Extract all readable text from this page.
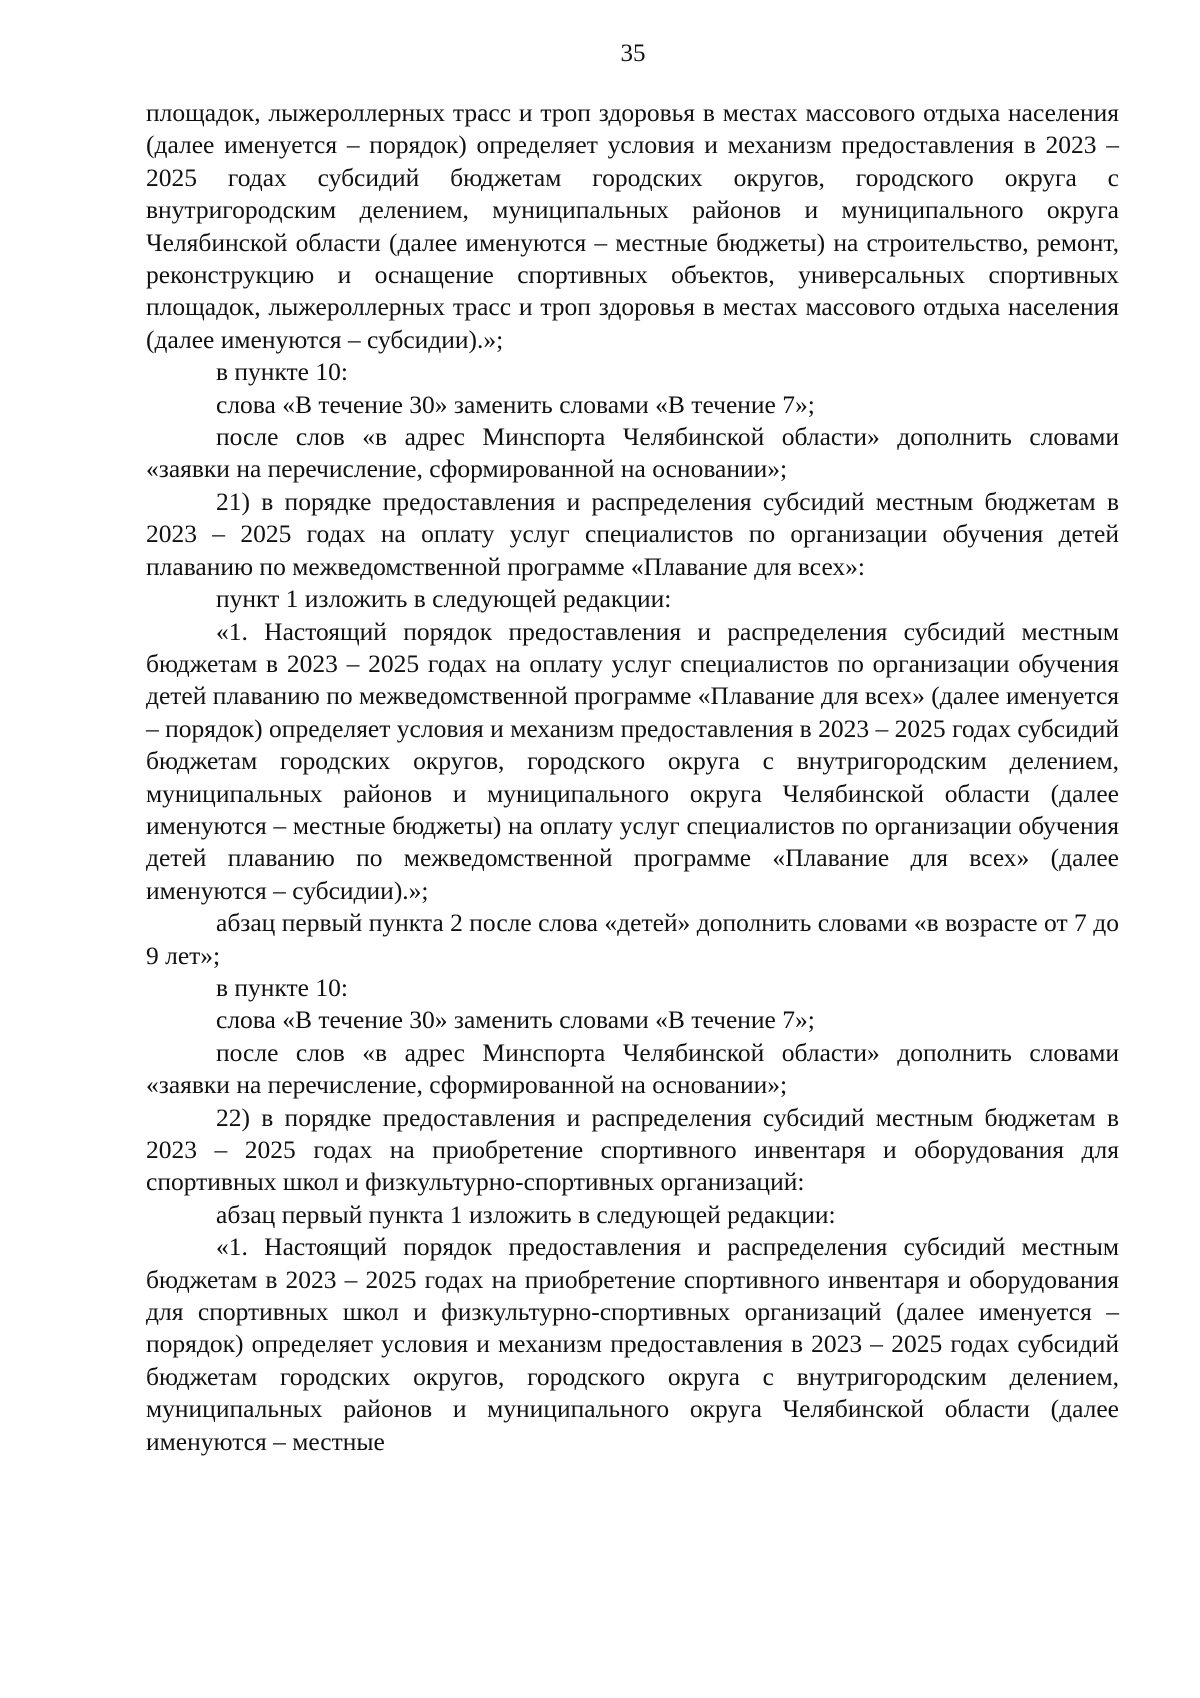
35

площадок, лыжероллерных трасс и троп здоровья в местах массового отдыха населения (далее именуется – порядок) определяет условия и механизм предоставления в 2023 – 2025 годах субсидий бюджетам городских округов, городского округа с внутригородским делением, муниципальных районов и муниципального округа Челябинской области (далее именуются – местные бюджеты) на строительство, ремонт, реконструкцию и оснащение спортивных объектов, универсальных спортивных площадок, лыжероллерных трасс и троп здоровья в местах массового отдыха населения (далее именуются – субсидии).»;

в пункте 10:

слова «В течение 30» заменить словами «В течение 7»;

после слов «в адрес Минспорта Челябинской области» дополнить словами «заявки на перечисление, сформированной на основании»;

21) в порядке предоставления и распределения субсидий местным бюджетам в 2023 – 2025 годах на оплату услуг специалистов по организации обучения детей плаванию по межведомственной программе «Плавание для всех»:

пункт 1 изложить в следующей редакции:

«1. Настоящий порядок предоставления и распределения субсидий местным бюджетам в 2023 – 2025 годах на оплату услуг специалистов по организации обучения детей плаванию по межведомственной программе «Плавание для всех» (далее именуется – порядок) определяет условия и механизм предоставления в 2023 – 2025 годах субсидий бюджетам городских округов, городского округа с внутригородским делением, муниципальных районов и муниципального округа Челябинской области (далее именуются – местные бюджеты) на оплату услуг специалистов по организации обучения детей плаванию по межведомственной программе «Плавание для всех» (далее именуются – субсидии).»;

абзац первый пункта 2 после слова «детей» дополнить словами «в возрасте от 7 до 9 лет»;

в пункте 10:

слова «В течение 30» заменить словами «В течение 7»;

после слов «в адрес Минспорта Челябинской области» дополнить словами «заявки на перечисление, сформированной на основании»;

22) в порядке предоставления и распределения субсидий местным бюджетам в 2023 – 2025 годах на приобретение спортивного инвентаря и оборудования для спортивных школ и физкультурно-спортивных организаций:

абзац первый пункта 1 изложить в следующей редакции:

«1. Настоящий порядок предоставления и распределения субсидий местным бюджетам в 2023 – 2025 годах на приобретение спортивного инвентаря и оборудования для спортивных школ и физкультурно-спортивных организаций (далее именуется – порядок) определяет условия и механизм предоставления в 2023 – 2025 годах субсидий бюджетам городских округов, городского округа с внутригородским делением, муниципальных районов и муниципального округа Челябинской области (далее именуются – местные
